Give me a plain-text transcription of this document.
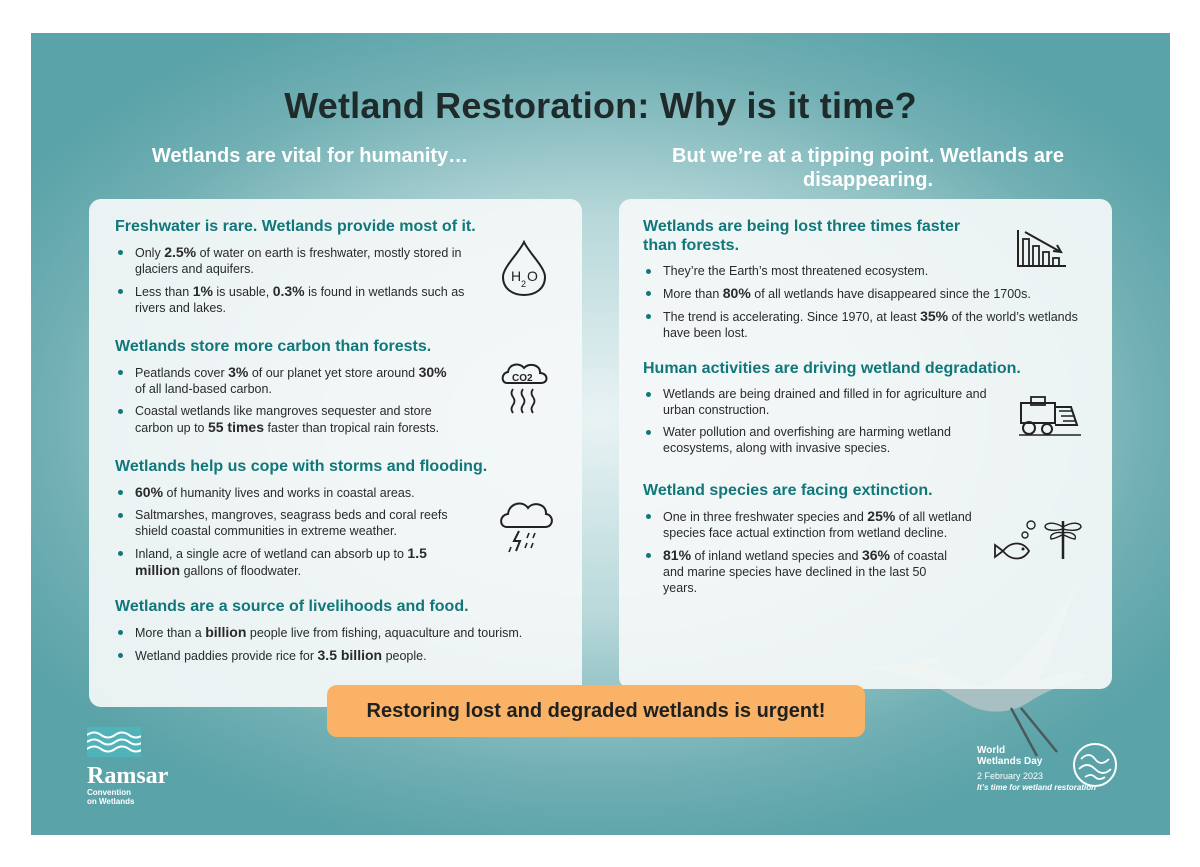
Wetland Restoration: Why is it time?
Wetlands are vital for humanity…	But we’re at a tipping point. Wetlands are disappearing.
Freshwater is rare. Wetlands provide most of it.
Only 2.5% of water on earth is freshwater, mostly stored in glaciers and aquifers.
Less than 1% is usable, 0.3% is found in wetlands such as rivers and lakes.
H 2 O
Wetlands store more carbon than forests.
Peatlands cover 3% of our planet yet store around 30% of all land-based carbon.
Coastal wetlands like mangroves sequester and store carbon up to 55 times faster than tropical rain forests.
CO2
Wetlands help us cope with storms and flooding.
60% of humanity lives and works in coastal areas.
Saltmarshes, mangroves, seagrass beds and coral reefs shield coastal communities in extreme weather.
Inland, a single acre of wetland can absorb up to 1.5 million gallons of floodwater.
Wetlands are a source of livelihoods and food.
More than a billion people live from fishing, aquaculture and tourism.
Wetland paddies provide rice for 3.5 billion people.
Wetlands are being lost three times faster than forests.
They’re the Earth’s most threatened ecosystem.
More than 80% of all wetlands have disappeared since the 1700s.
The trend is accelerating. Since 1970, at least 35% of the world’s wetlands have been lost.
Human activities are driving wetland degradation.
Wetlands are being drained and filled in for agriculture and urban construction.
Water pollution and overfishing are harming wetland ecosystems, along with invasive species.
Wetland species are facing extinction.
One in three freshwater species and 25% of all wetland species face actual extinction from wetland decline.
81% of inland wetland species and 36% of coastal and marine species have declined in the last 50 years.
Restoring lost and degraded wetlands is urgent!
Ramsar
Convention
on Wetlands
World
Wetlands Day
2 February 2023
It’s time for wetland restoration
